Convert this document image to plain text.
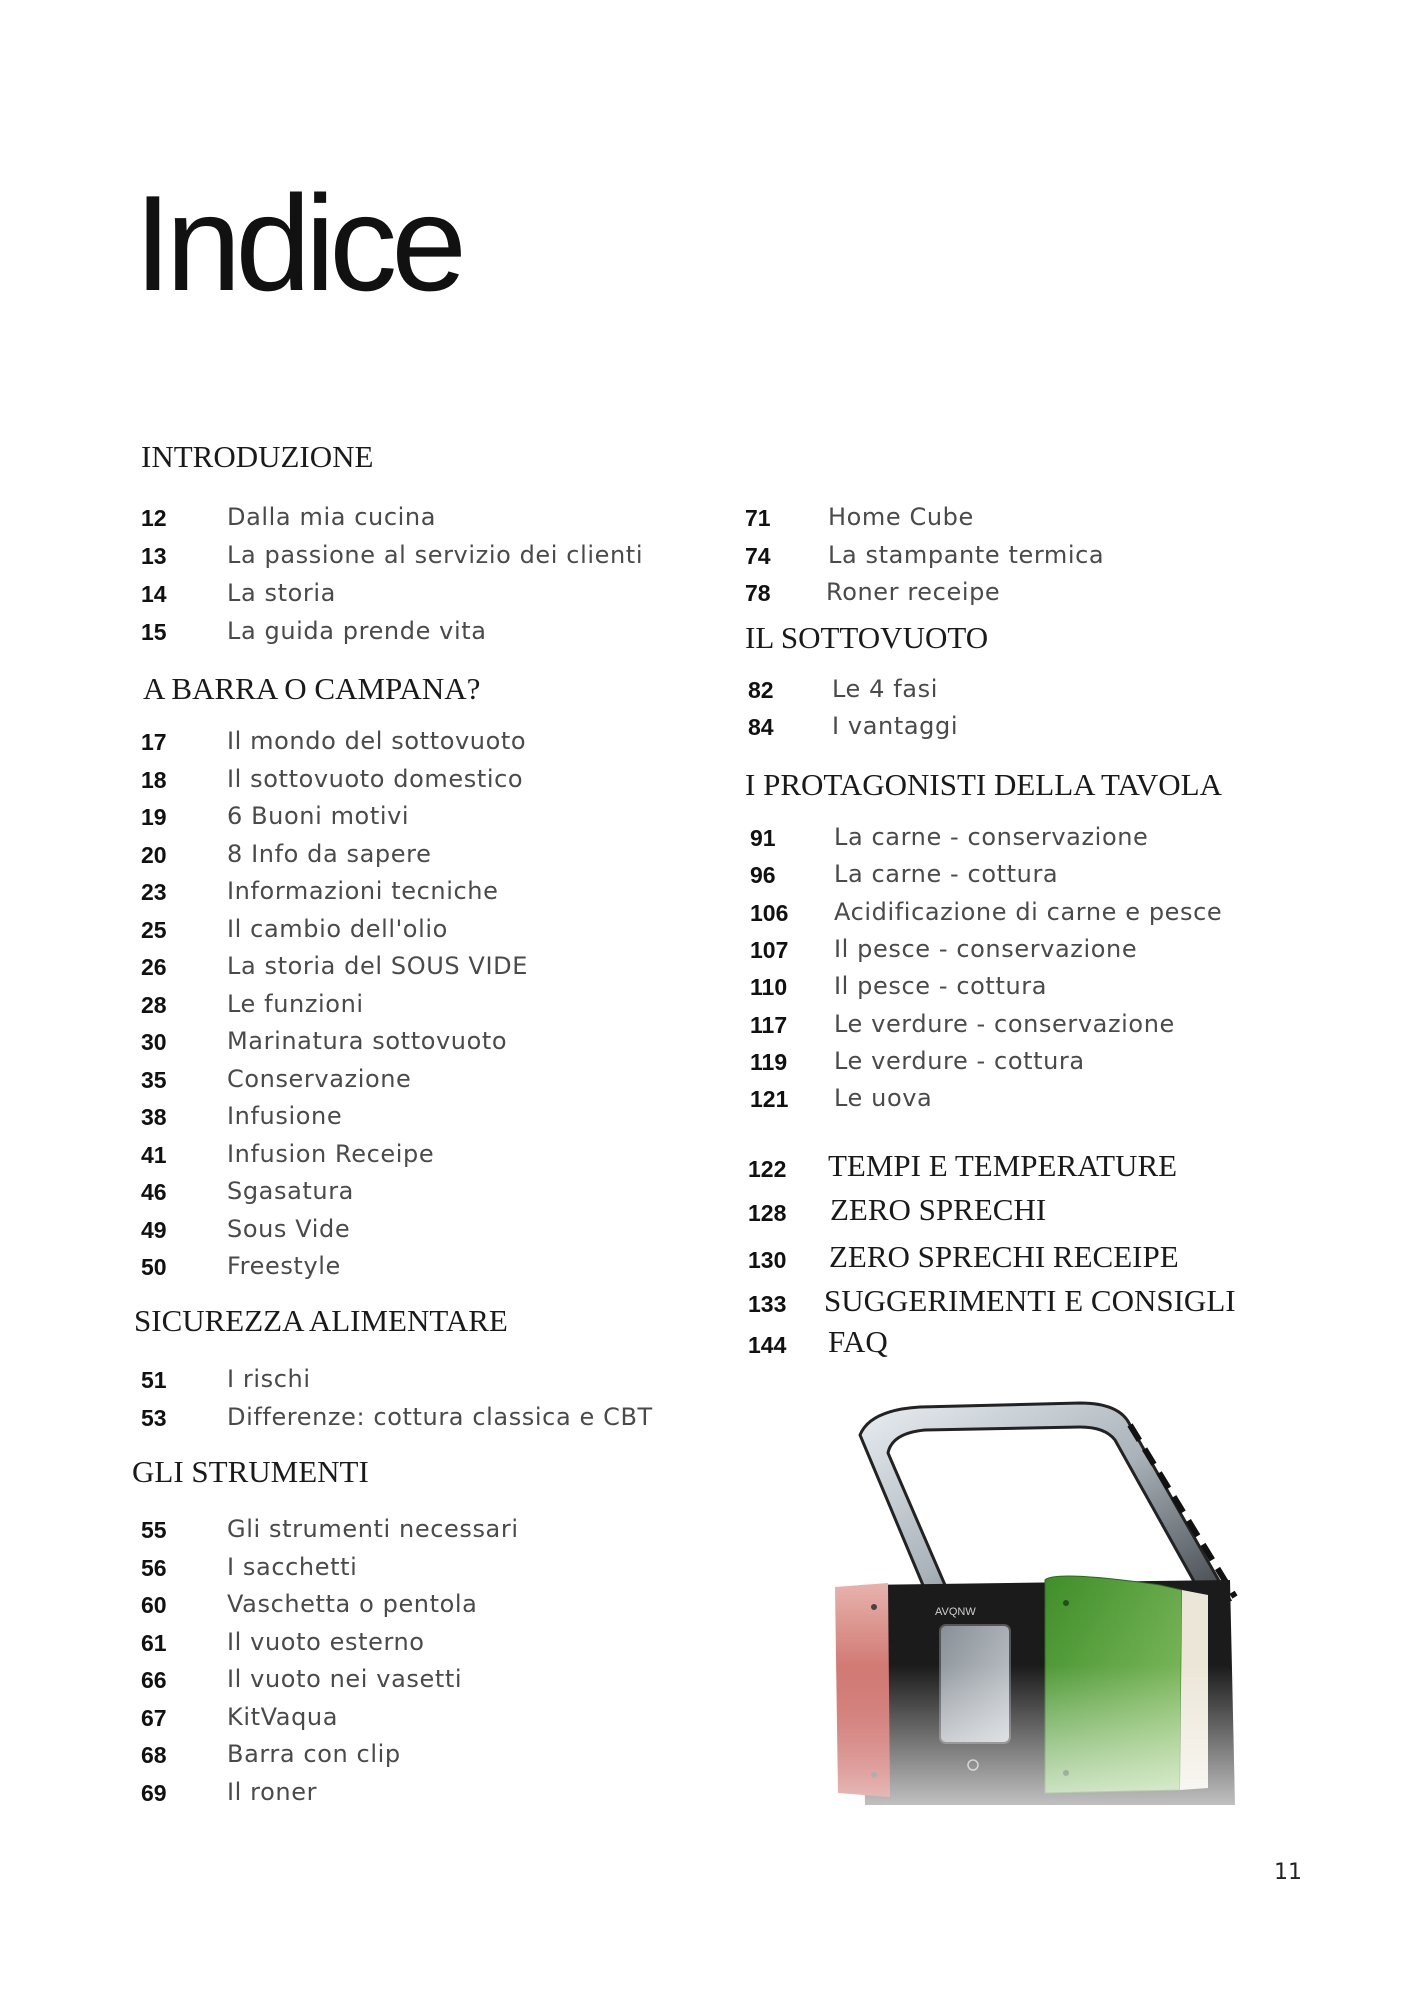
Indice
INTRODUZIONE
12	Dalla mia cucina
13	La passione al servizio dei clienti
14	La storia
15	La guida prende vita
A BARRA O CAMPANA?
17	Il mondo del sottovuoto
18	Il sottovuoto domestico
19	6 Buoni motivi
20	8 Info da sapere
23	Informazioni tecniche
25	Il cambio dell'olio
26	La storia del SOUS VIDE
28	Le funzioni
30	Marinatura sottovuoto
35	Conservazione
38	Infusione
41	Infusion Receipe
46	Sgasatura
49	Sous Vide
50	Freestyle
SICUREZZA ALIMENTARE
51	I rischi
53	Differenze: cottura classica e CBT
GLI STRUMENTI
55	Gli strumenti necessari
56	I sacchetti
60	Vaschetta o pentola
61	Il vuoto esterno
66	Il vuoto nei vasetti
67	KitVaqua
68	Barra con clip
69	Il roner
71 Home Cube
74 La stampante termica
78 Roner receipe
IL SOTTOVUOTO
82 Le 4 fasi
84 I vantaggi
I PROTAGONISTI DELLA TAVOLA
91 La carne - conservazione
96 La carne - cottura
106 Acidificazione di carne e pesce
107 Il pesce - conservazione
110 Il pesce - cottura
117 Le verdure - conservazione
119 Le verdure - cottura
121 Le uova
122 TEMPI E TEMPERATURE
128 ZERO SPRECHI
130 ZERO SPRECHI RECEIPE
133 SUGGERIMENTI E CONSIGLI
144 FAQ
AVQNW
11
